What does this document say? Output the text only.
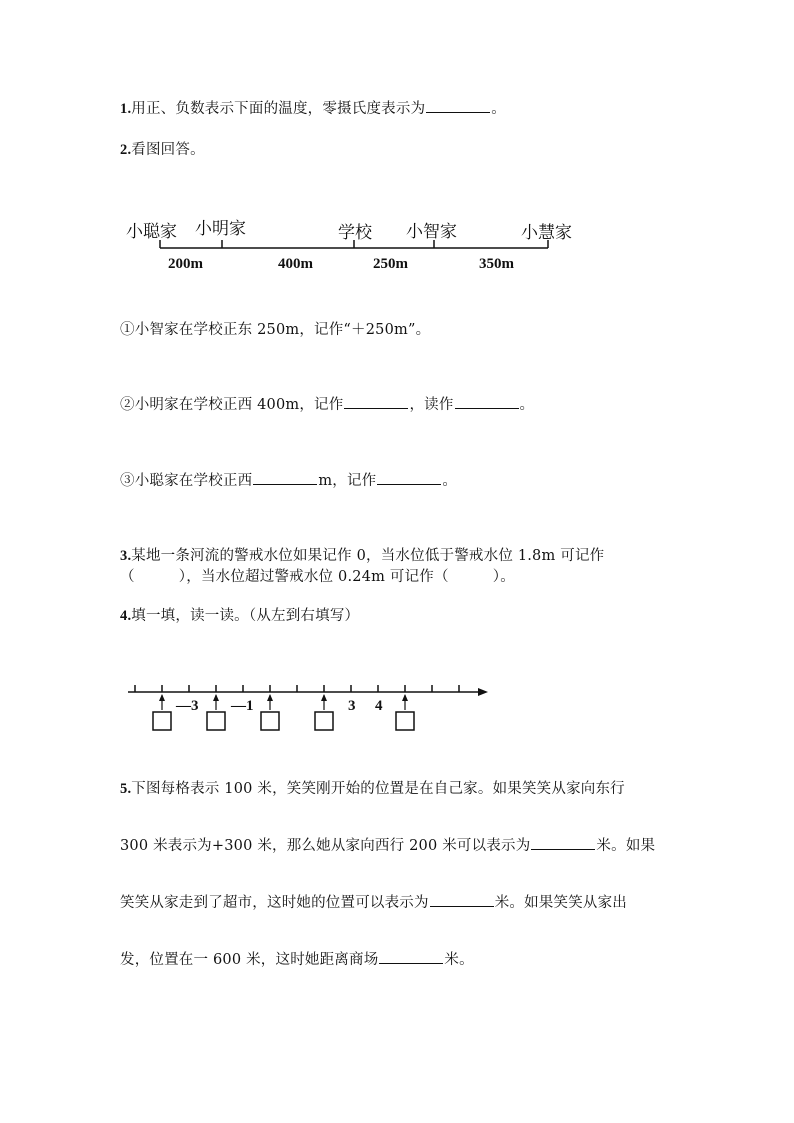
1.用正、负数表示下面的温度，零摄氏度表示为	。
2.看图回答。
小聪家 小明家	学校 小智家	小慧家
200m	400m	250m	350m
①小智家在学校正东 250m，记作“＋250m”。
②小明家在学校正西 400m，记作	，读作	。
③小聪家在学校正西	m，记作	。
3.某地一条河流的警戒水位如果记作 0，当水位低于警戒水位 1.8m 可记作
（　　　），当水位超过警戒水位 0.24m 可记作（　　　）。
4.填一填，读一读。（从左到右填写）
—3 —1	3 4
5.下图每格表示 100 米，笑笑刚开始的位置是在自己家。如果笑笑从家向东行
300 米表示为+300 米，那么她从家向西行 200 米可以表示为	米。如果
笑笑从家走到了超市，这时她的位置可以表示为	米。如果笑笑从家出
发，位置在一 600 米，这时她距离商场	米。
